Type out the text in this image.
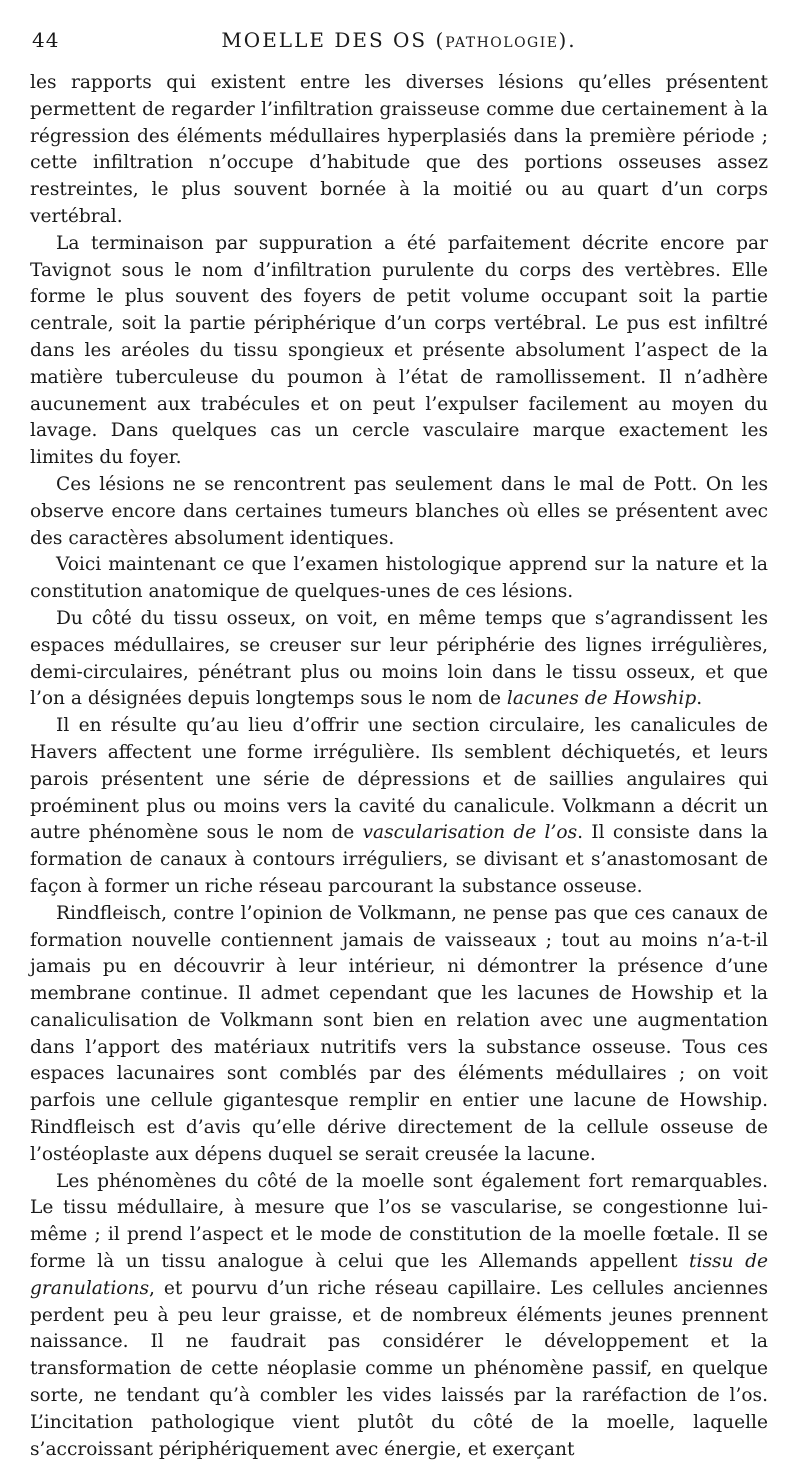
44	MOELLE DES OS (PATHOLOGIE).

les rapports qui existent entre les diverses lésions qu’elles présentent permettent de regarder l’infiltration graisseuse comme due certainement à la régression des éléments médullaires hyperplasiés dans la première période ; cette infiltration n’occupe d’habitude que des portions osseuses assez restreintes, le plus souvent bornée à la moitié ou au quart d’un corps vertébral.

La terminaison par suppuration a été parfaitement décrite encore par Tavignot sous le nom d’infiltration purulente du corps des vertèbres. Elle forme le plus souvent des foyers de petit volume occupant soit la partie centrale, soit la partie périphérique d’un corps vertébral. Le pus est infiltré dans les aréoles du tissu spongieux et présente absolument l’aspect de la matière tuberculeuse du poumon à l’état de ramollissement. Il n’adhère aucunement aux trabécules et on peut l’expulser facilement au moyen du lavage. Dans quelques cas un cercle vasculaire marque exactement les limites du foyer.

Ces lésions ne se rencontrent pas seulement dans le mal de Pott. On les observe encore dans certaines tumeurs blanches où elles se présentent avec des caractères absolument identiques.

Voici maintenant ce que l’examen histologique apprend sur la nature et la constitution anatomique de quelques-unes de ces lésions.

Du côté du tissu osseux, on voit, en même temps que s’agrandissent les espaces médullaires, se creuser sur leur périphérie des lignes irrégulières, demi-circulaires, pénétrant plus ou moins loin dans le tissu osseux, et que l’on a désignées depuis longtemps sous le nom de lacunes de Howship.

Il en résulte qu’au lieu d’offrir une section circulaire, les canalicules de Havers affectent une forme irrégulière. Ils semblent déchiquetés, et leurs parois présentent une série de dépressions et de saillies angulaires qui proéminent plus ou moins vers la cavité du canalicule. Volkmann a décrit un autre phénomène sous le nom de vascularisation de l’os. Il consiste dans la formation de canaux à contours irréguliers, se divisant et s’anastomosant de façon à former un riche réseau parcourant la substance osseuse.

Rindfleisch, contre l’opinion de Volkmann, ne pense pas que ces canaux de formation nouvelle contiennent jamais de vaisseaux ; tout au moins n’a-t-il jamais pu en découvrir à leur intérieur, ni démontrer la présence d’une membrane continue. Il admet cependant que les lacunes de Howship et la canaliculisation de Volkmann sont bien en relation avec une augmentation dans l’apport des matériaux nutritifs vers la substance osseuse. Tous ces espaces lacunaires sont comblés par des éléments médullaires ; on voit parfois une cellule gigantesque remplir en entier une lacune de Howship. Rindfleisch est d’avis qu’elle dérive directement de la cellule osseuse de l’ostéoplaste aux dépens duquel se serait creusée la lacune.

Les phénomènes du côté de la moelle sont également fort remarquables. Le tissu médullaire, à mesure que l’os se vascularise, se congestionne lui-même ; il prend l’aspect et le mode de constitution de la moelle fœtale. Il se forme là un tissu analogue à celui que les Allemands appellent tissu de granulations, et pourvu d’un riche réseau capillaire. Les cellules anciennes perdent peu à peu leur graisse, et de nombreux éléments jeunes prennent naissance. Il ne faudrait pas considérer le développement et la transformation de cette néoplasie comme un phénomène passif, en quelque sorte, ne tendant qu’à combler les vides laissés par la raréfaction de l’os. L’incitation pathologique vient plutôt du côté de la moelle, laquelle s’accroissant périphériquement avec énergie, et exerçant
